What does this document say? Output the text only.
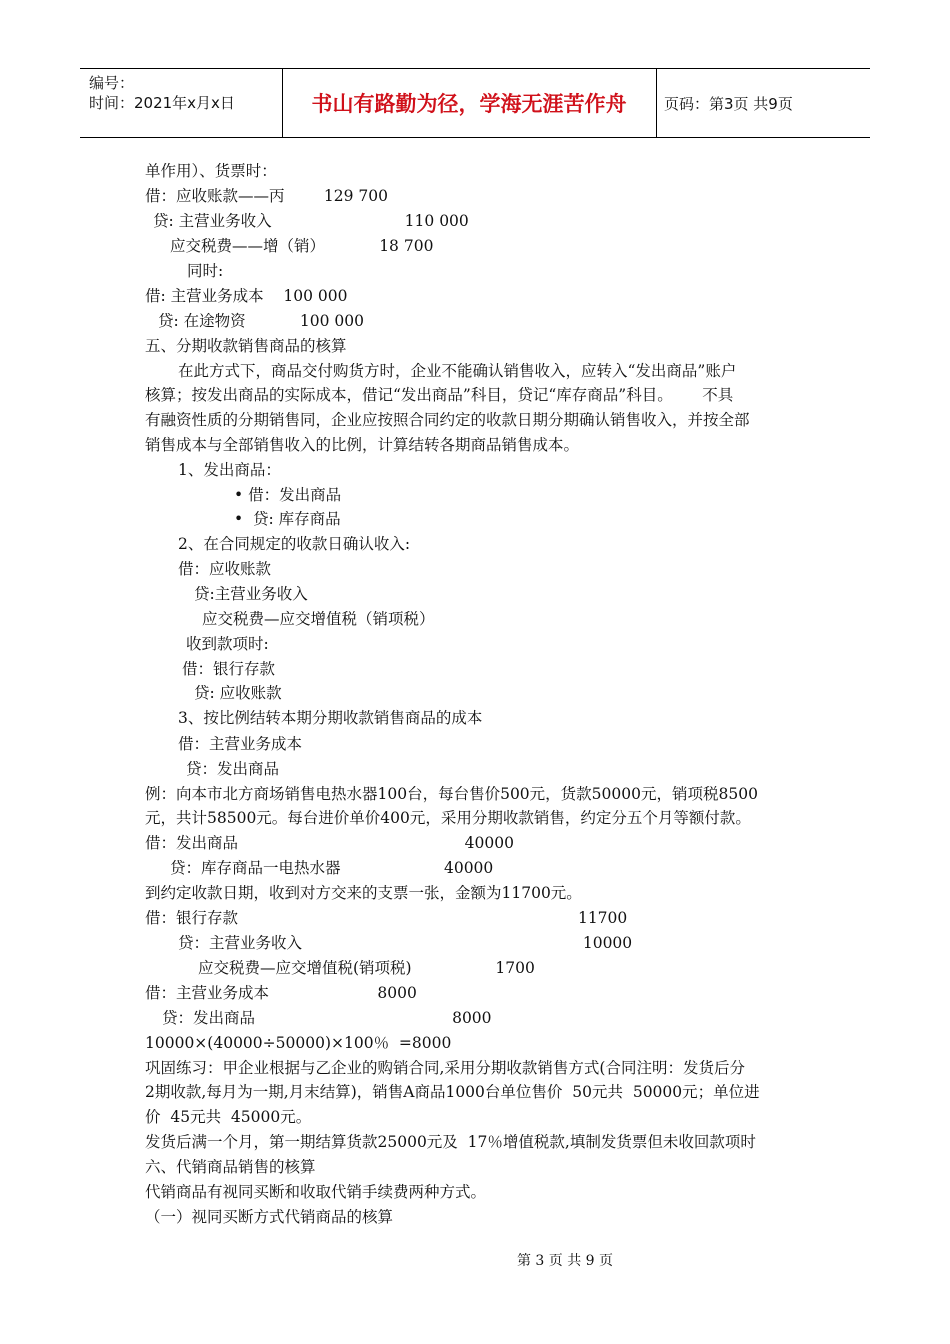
编号：
时间：2021年x月x日	书山有路勤为径，学海无涯苦作舟	页码：第3页 共9页
单作用）、货票时：
借：应收账款——丙        129 700
贷: 主营业务收入                           110 000
应交税费——增（销）           18 700
同时:
借: 主营业务成本    100 000
贷: 在途物资           100 000
五、分期收款销售商品的核算
在此方式下，商品交付购货方时，企业不能确认销售收入，应转入“发出商品”账户
核算；按发出商品的实际成本，借记“发出商品”科目，贷记“库存商品”科目。      不具
有融资性质的分期销售同，企业应按照合同约定的收款日期分期确认销售收入，并按全部
销售成本与全部销售收入的比例，计算结转各期商品销售成本。
1、发出商品：
• 借：发出商品
•  贷: 库存商品
2、在合同规定的收款日确认收入:
借：应收账款
贷:主营业务收入
应交税费—应交增值税（销项税）
收到款项时:
借：银行存款
贷: 应收账款
3、按比例结转本期分期收款销售商品的成本
借：主营业务成本
贷：发出商品
例：向本市北方商场销售电热水器100台，每台售价500元，货款50000元，销项税8500
元，共计58500元。每台进价单价400元，采用分期收款销售，约定分五个月等额付款。
借：发出商品                                              40000
贷：库存商品一电热水器                     40000
到约定收款日期，收到对方交来的支票一张，金额为11700元。
借：银行存款                                                                     11700
贷：主营业务收入                                                         10000
应交税费—应交增值税(销项税)                 1700
借：主营业务成本                      8000
贷：发出商品                                        8000
10000×(40000÷50000)×100％  =8000
巩固练习：甲企业根据与乙企业的购销合同,采用分期收款销售方式(合同注明：发货后分
2期收款,每月为一期,月末结算)，销售A商品1000台单位售价  50元共  50000元；单位进
价  45元共  45000元。
发货后满一个月，第一期结算货款25000元及  17％增值税款,填制发货票但未收回款项时
六、代销商品销售的核算
代销商品有视同买断和收取代销手续费两种方式。
（一）视同买断方式代销商品的核算
第 3 页 共 9 页
